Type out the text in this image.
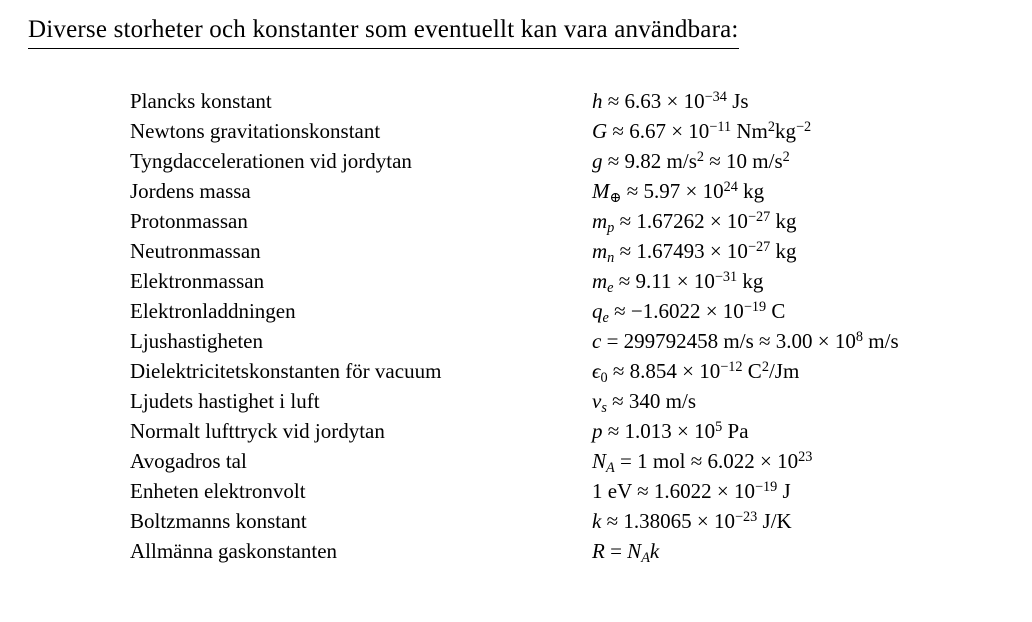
Diverse storheter och konstanter som eventuellt kan vara användbara:
Plancks konstant	$h \approx 6.63 \times 10^{-34}$ Js
Newtons gravitationskonstant	$G \approx 6.67 \times 10^{-11}$ $Nm^2kg^{-2}$
Tyngdaccelerationen vid jordytan	g ≈ 9.82 $m/s^2 \approx 10$ $m/s^2$
Jordens massa	$M_\oplus \approx 5.97 \times 10^{24}$ kg
Protonmassan	$m_p \approx 1.67262 \times 10^{-27}$ kg
Neutronmassan	$m_n \approx 1.67493 \times 10^{-27}$ kg
Elektronmassan	$m_e \approx 9.11 \times 10^{-31}$ kg
Elektronladdningen	$q_e \approx -1.6022 \times 10^{-19}$ C
Ljushastigheten	c = 299792458 $m/s \approx 3.00 \times 10^8$ m/s
Dielektricitetskonstanten för vacuum	$\epsilon_0 \approx 8.854 \times 10^{-12}$ $C^2/Jm$
Ljudets hastighet i luft	$v_s \approx 340$ m/s
Normalt lufttryck vid jordytan	$p \approx 1.013 \times 10^5$ Pa
Avogadros tal	$N_A = 1$ mol ≈ $6.022 \times 10^{23}$
Enheten elektronvolt	1 eV ≈ $1.6022 \times 10^{-19}$ J
Boltzmanns konstant	$k \approx 1.38065 \times 10^{-23}$ J/K
Allmänna gaskonstanten	$R = N_Ak$
